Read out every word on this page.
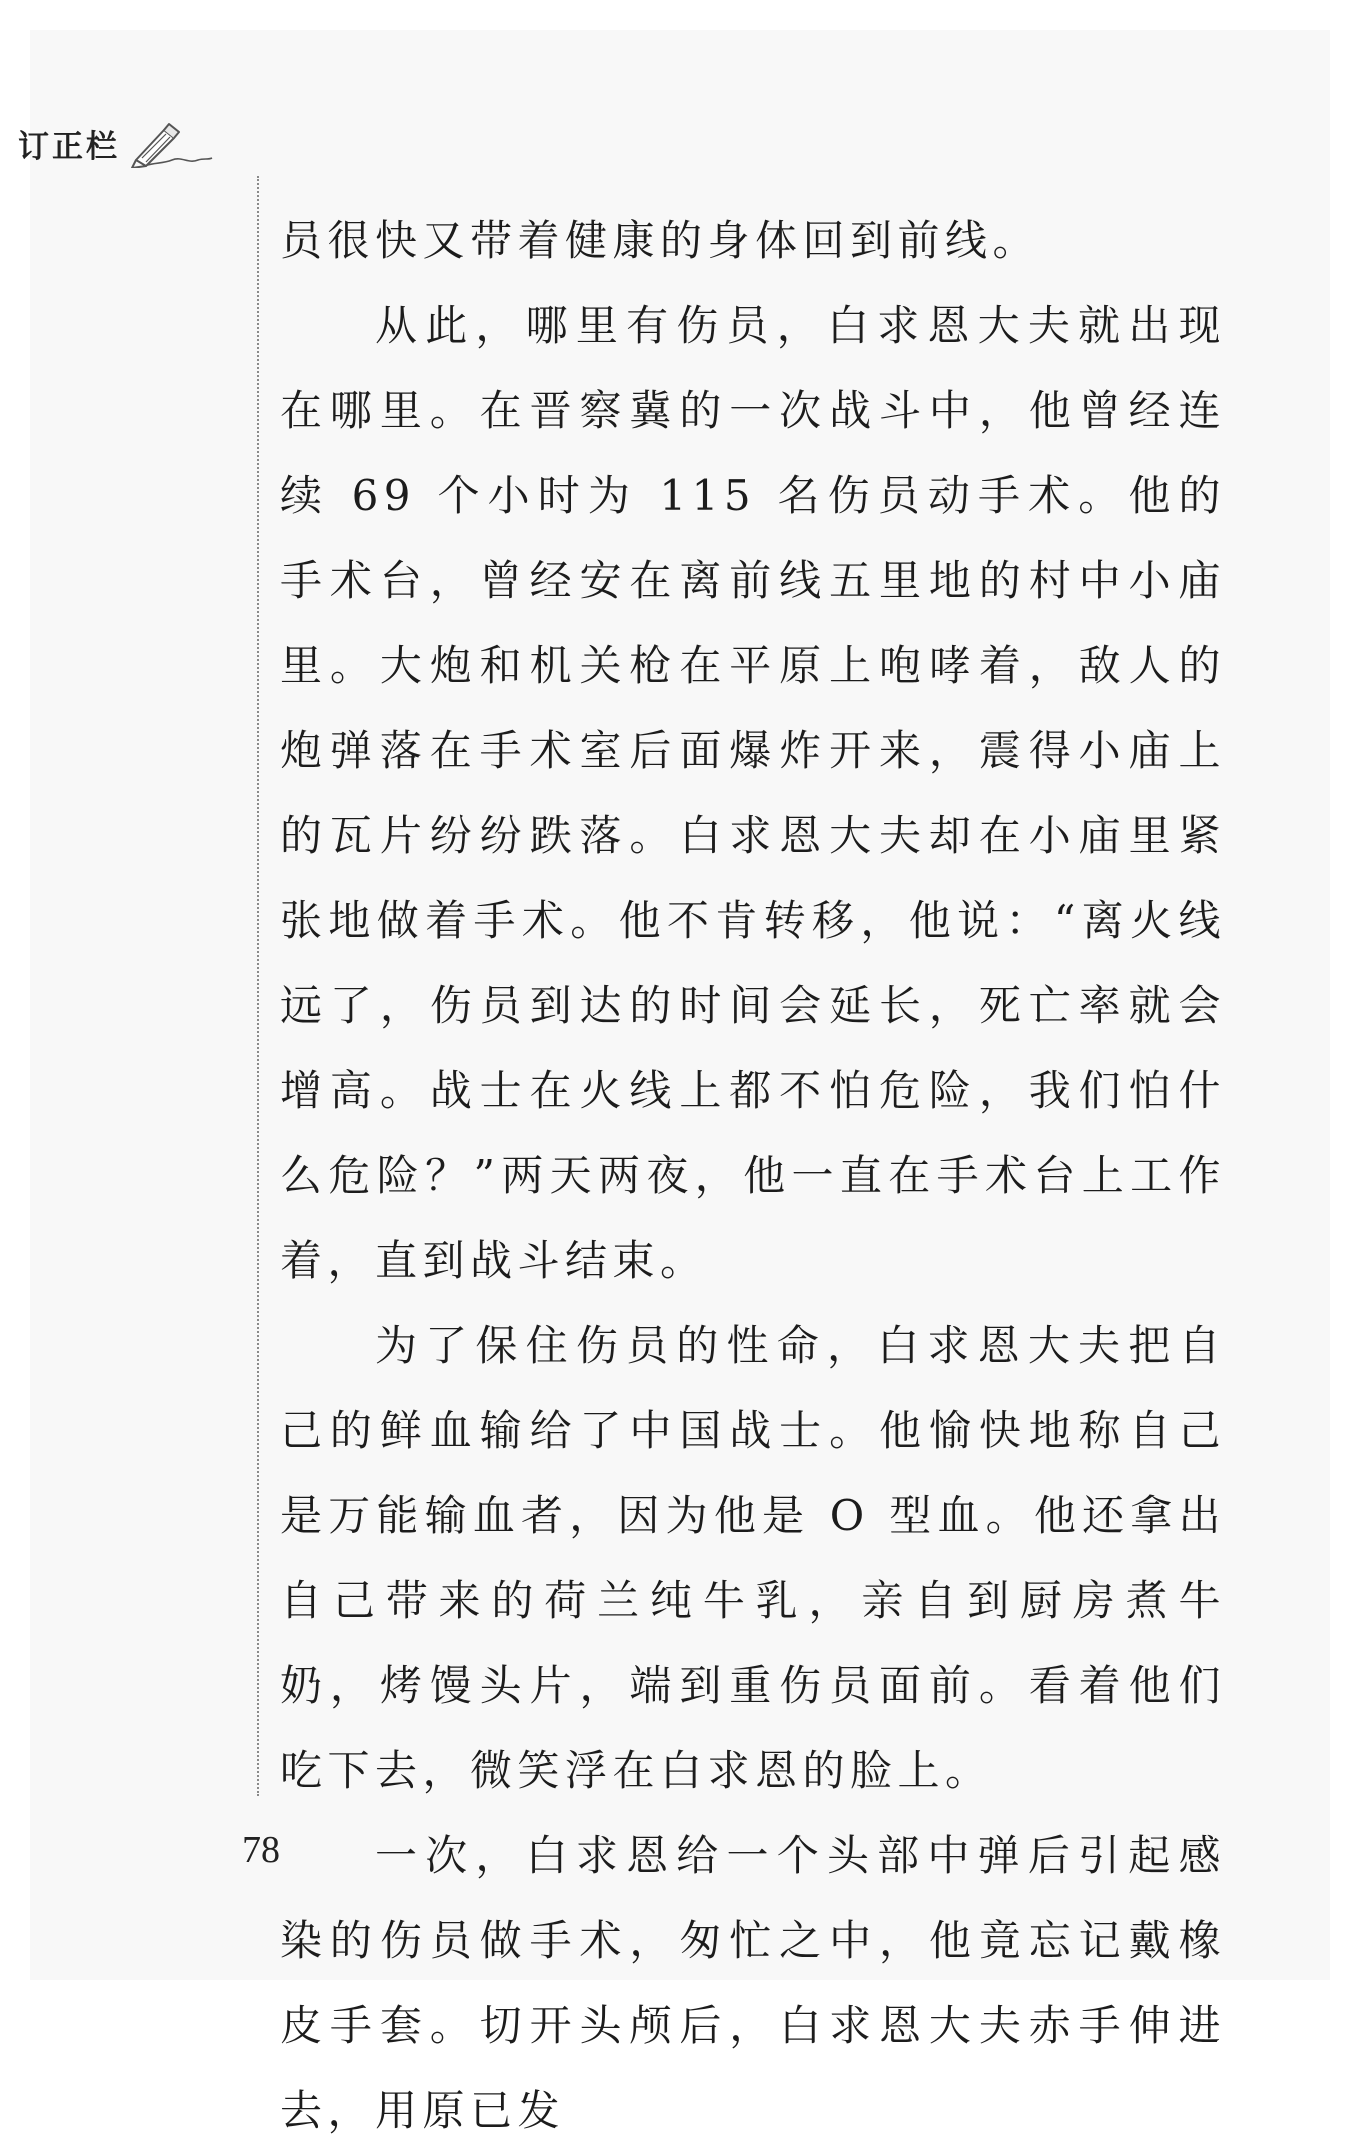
订正栏

员很快又带着健康的身体回到前线。

从此，哪里有伤员，白求恩大夫就出现在哪里。在晋察冀的一次战斗中，他曾经连续 69 个小时为 115 名伤员动手术。他的手术台，曾经安在离前线五里地的村中小庙里。大炮和机关枪在平原上咆哮着，敌人的炮弹落在手术室后面爆炸开来，震得小庙上的瓦片纷纷跌落。白求恩大夫却在小庙里紧张地做着手术。他不肯转移，他说：“离火线远了，伤员到达的时间会延长，死亡率就会增高。战士在火线上都不怕危险，我们怕什么危险？”两天两夜，他一直在手术台上工作着，直到战斗结束。

为了保住伤员的性命，白求恩大夫把自己的鲜血输给了中国战士。他愉快地称自己是万能输血者，因为他是 O 型血。他还拿出自己带来的荷兰纯牛乳，亲自到厨房煮牛奶，烤馒头片，端到重伤员面前。看着他们吃下去，微笑浮在白求恩的脸上。

一次，白求恩给一个头部中弹后引起感染的伤员做手术，匆忙之中，他竟忘记戴橡皮手套。切开头颅后，白求恩大夫赤手伸进去，用原已发

78
